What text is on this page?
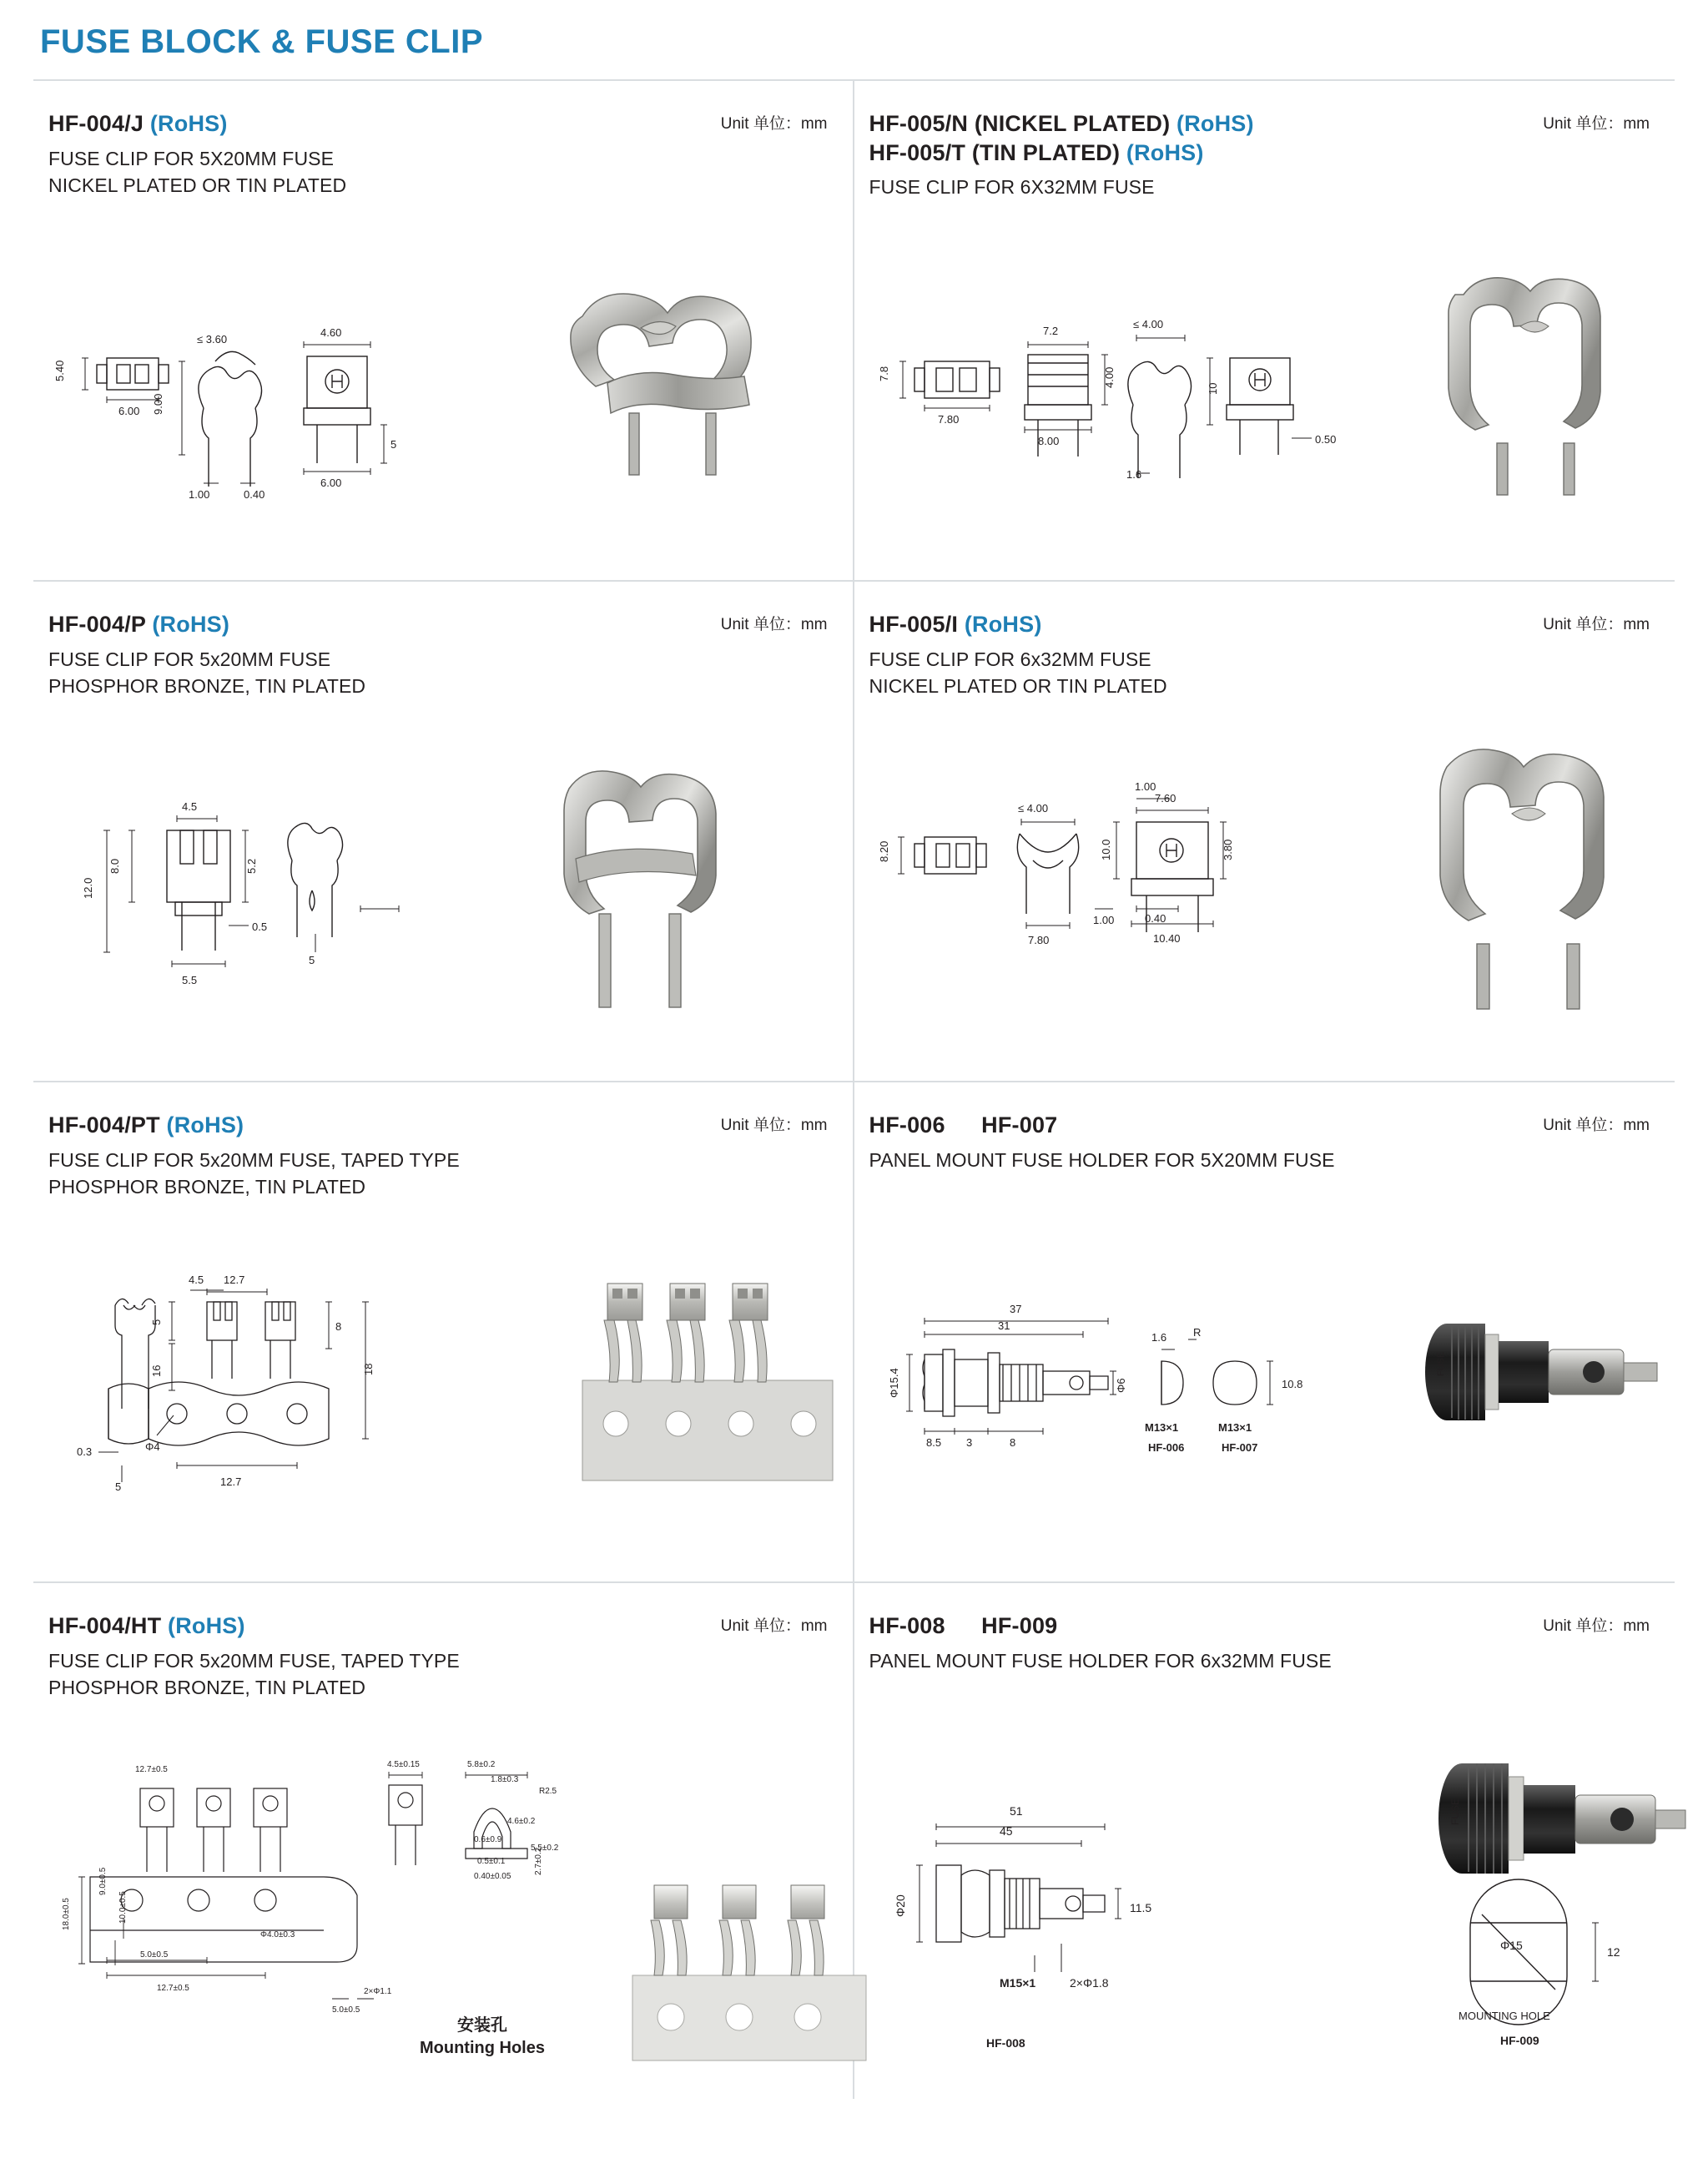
FUSE BLOCK & FUSE CLIP
Unit 单位：mm
HF-004/J (RoHS)
FUSE CLIP FOR 5X20MM FUSE
NICKEL PLATED OR TIN PLATED
5.40
6.00
≤ 3.60
9.00
1.00	0.40
4.60
6.00
5
Unit 单位：mm
HF-005/N (NICKEL PLATED) (RoHS)
HF-005/T (TIN PLATED) (RoHS)
FUSE CLIP FOR 6X32MM FUSE
7.8
7.80
7.2
8.00
4.00
≤ 4.00
1.6
10
0.50
Unit 单位：mm
HF-004/P (RoHS)
FUSE CLIP FOR 5x20MM FUSE
PHOSPHOR BRONZE, TIN PLATED
4.5
12.0
8.0	5.2
0.5
5.5
5
Unit 单位：mm
HF-005/I (RoHS)
FUSE CLIP FOR 6x32MM FUSE
NICKEL PLATED OR TIN PLATED
8.20
≤ 4.00
7.80
1.00
7.60
1.00
10.0	3.80
0.40
10.40
Unit 单位：mm
HF-004/PT (RoHS)
FUSE CLIP FOR 5x20MM FUSE, TAPED TYPE
PHOSPHOR BRONZE, TIN PLATED
5
16
12.7
4.5
8
18
0.3
5
Φ4
12.7
Unit 单位：mm
HF-006 HF-007
PANEL MOUNT FUSE HOLDER FOR 5X20MM FUSE
37
31
8.5 3	8
Φ15.4	Φ6
1.6 R
10.8
M13×1	M13×1
HF-006	HF-007
FUSE
Unit 单位：mm
HF-004/HT (RoHS)
FUSE CLIP FOR 5x20MM FUSE, TAPED TYPE
PHOSPHOR BRONZE, TIN PLATED
12.7±0.5
4.5±0.15	5.8±0.2
1.8±0.3
R2.5
4.6±0.2
0.6±0.9
0.5±0.1
5.5±0.2
2.7±0.2
0.40±0.05
9.0±0.5
10.0±0.5
18.0±0.5
5.0±0.5
12.7±0.5
Φ4.0±0.3
2×Φ1.1
5.0±0.5
安装孔
Mounting Holes
Unit 单位：mm
HF-008 HF-009
PANEL MOUNT FUSE HOLDER FOR 6x32MM FUSE
51
45
Φ20	11.5
M15×1	2×Φ1.8
HF-008
Φ15	12
MOUNTING HOLE
HF-009
FUSE
